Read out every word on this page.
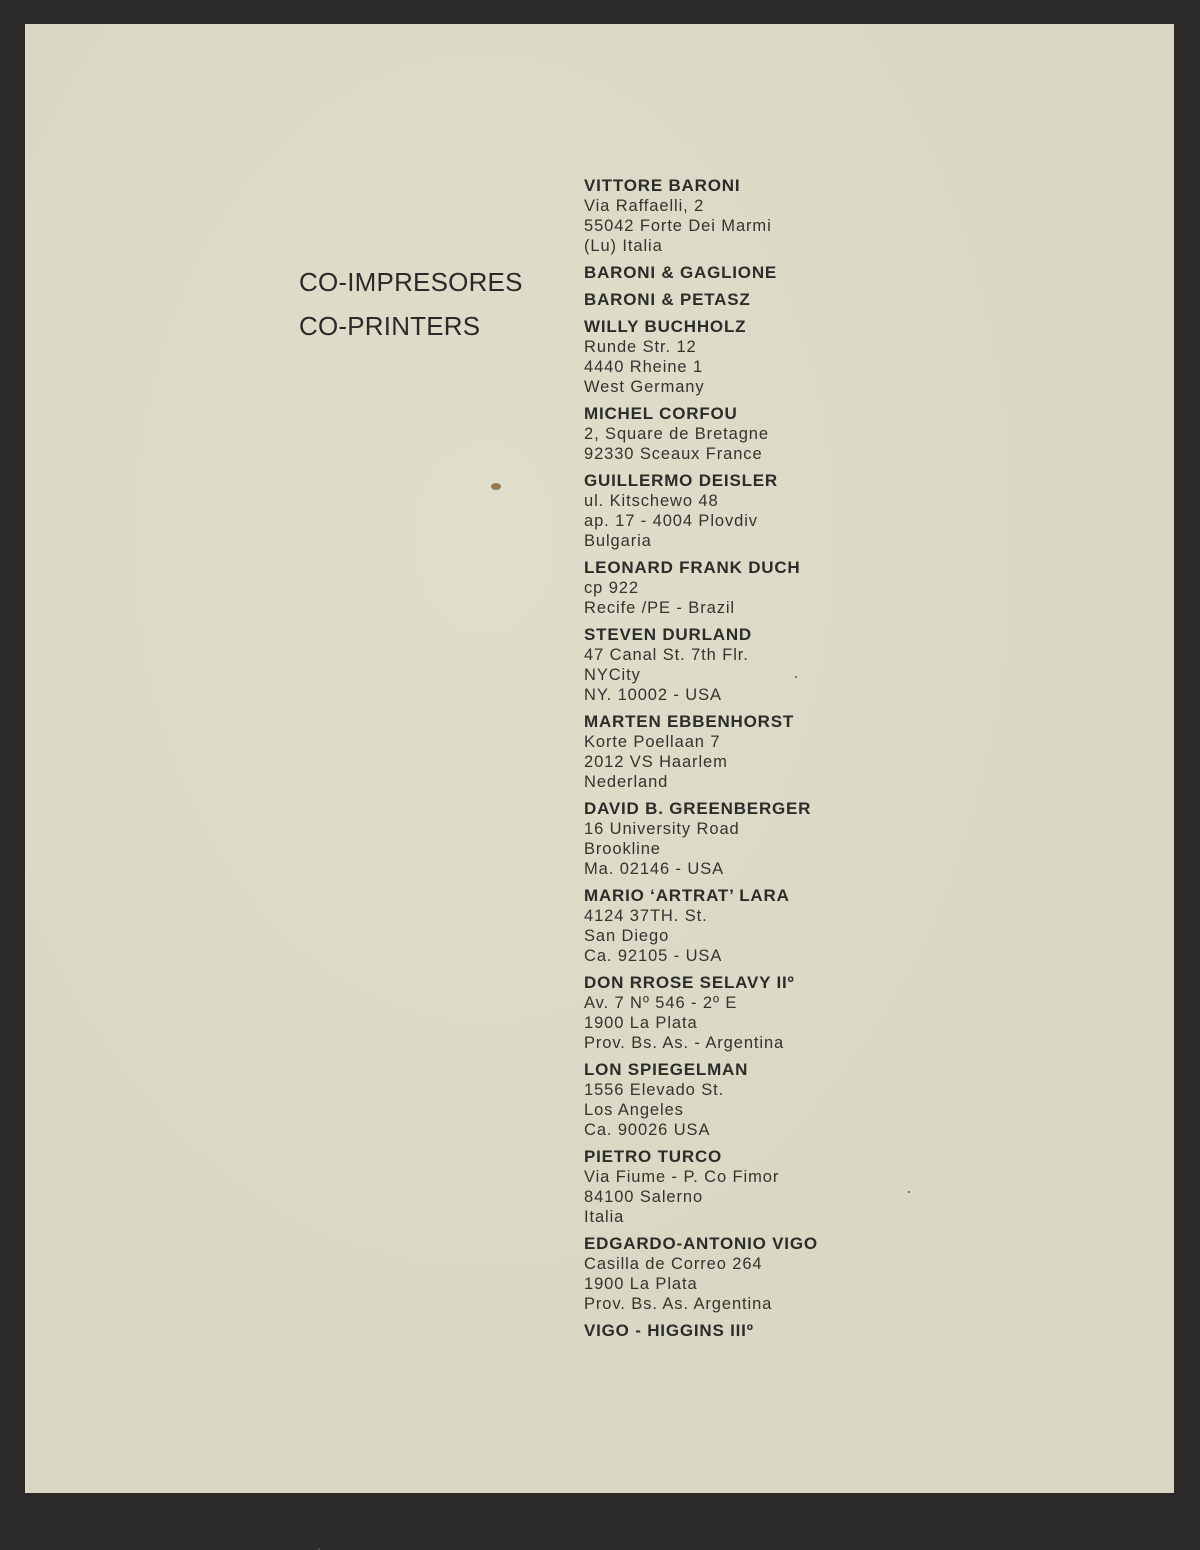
CO-IMPRESORES
CO-PRINTERS
VITTORE BARONI
Via Raffaelli, 2
55042 Forte Dei Marmi
(Lu) Italia
BARONI & GAGLIONE
BARONI & PETASZ
WILLY BUCHHOLZ
Runde Str. 12
4440 Rheine 1
West Germany
MICHEL CORFOU
2, Square de Bretagne
92330 Sceaux France
GUILLERMO DEISLER
ul. Kitschewo 48
ap. 17 - 4004 Plovdiv
Bulgaria
LEONARD FRANK DUCH
cp 922
Recife /PE - Brazil
STEVEN DURLAND
47 Canal St. 7th Flr.
NYCity
NY. 10002 - USA
MARTEN EBBENHORST
Korte Poellaan 7
2012 VS Haarlem
Nederland
DAVID B. GREENBERGER
16 University Road
Brookline
Ma. 02146 - USA
MARIO ‘ARTRAT’ LARA
4124 37TH. St.
San Diego
Ca. 92105 - USA
DON RROSE SELAVY IIº
Av. 7 Nº 546 - 2º E
1900 La Plata
Prov. Bs. As. - Argentina
LON SPIEGELMAN
1556 Elevado St.
Los Angeles
Ca. 90026 USA
PIETRO TURCO
Via Fiume - P. Co Fimor
84100 Salerno
Italia
EDGARDO-ANTONIO VIGO
Casilla de Correo 264
1900 La Plata
Prov. Bs. As. Argentina
VIGO - HIGGINS IIIº
